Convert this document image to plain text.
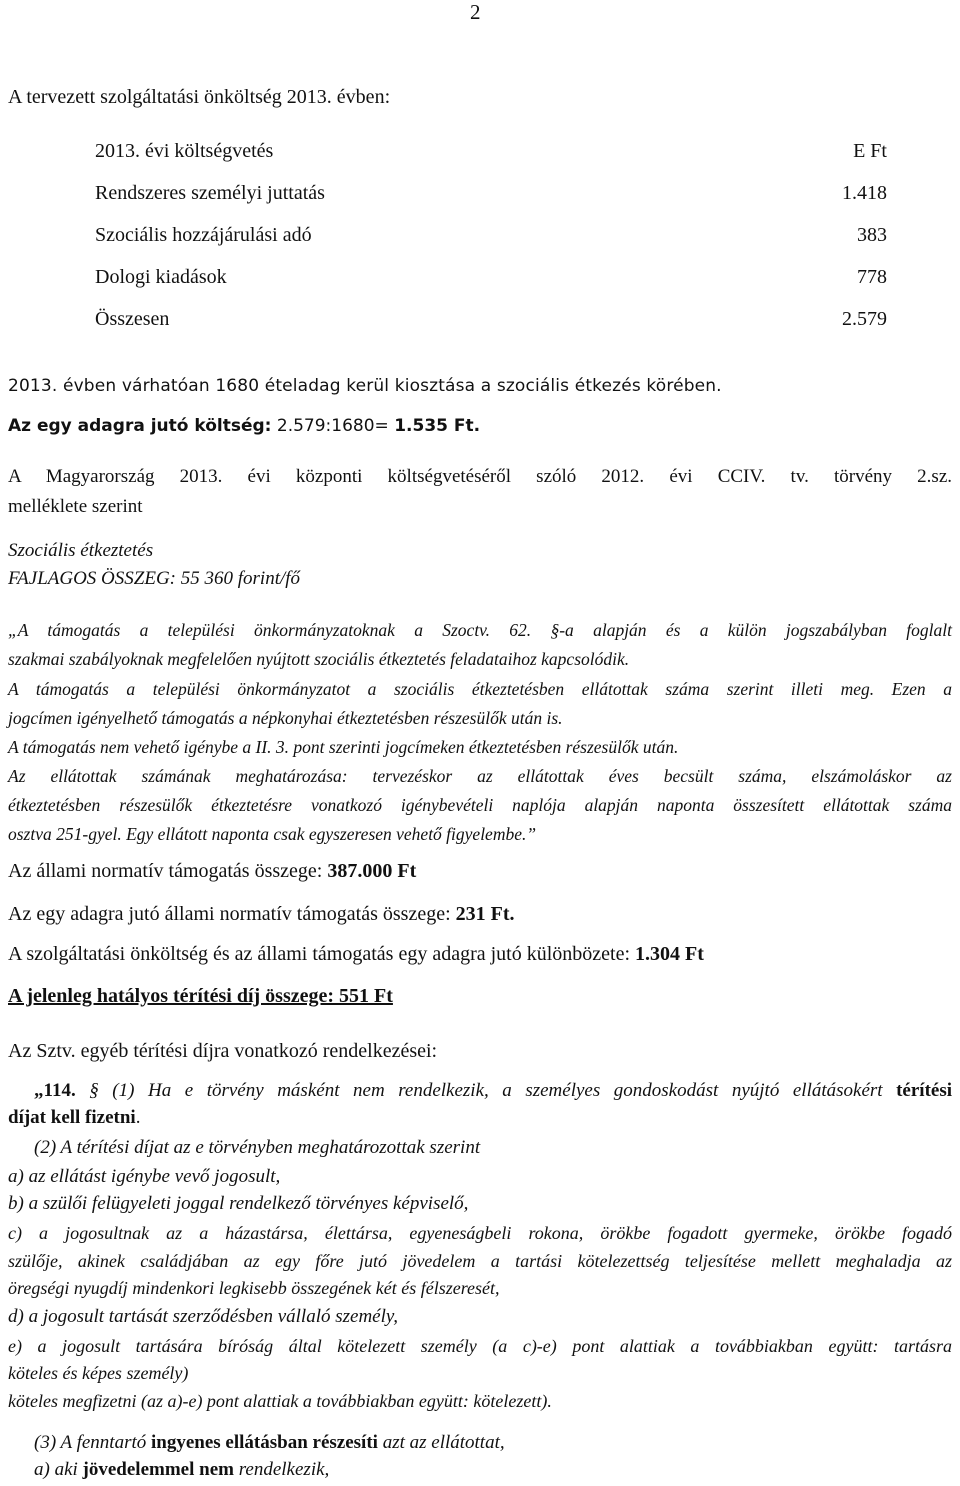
2
A tervezett szolgáltatási önköltség 2013. évben:
2013. évi költségvetés	E Ft
Rendszeres személyi juttatás	1.418
Szociális hozzájárulási adó	383
Dologi kiadások	778
Összesen	2.579
2013. évben várhatóan 1680 ételadag kerül kiosztása a szociális étkezés körében.
Az egy adagra jutó költség: 2.579:1680= 1.535 Ft.
A Magyarország 2013. évi központi költségvetéséről szóló 2012. évi CCIV. tv. törvény 2.sz.
melléklete szerint
Szociális étkeztetés
FAJLAGOS ÖSSZEG: 55 360 forint/fő
„A támogatás a települési önkormányzatoknak a Szoctv. 62. §-a alapján és a külön jogszabályban foglalt
szakmai szabályoknak megfelelően nyújtott szociális étkeztetés feladataihoz kapcsolódik.
A támogatás a települési önkormányzatot a szociális étkeztetésben ellátottak száma szerint illeti meg. Ezen a
jogcímen igényelhető támogatás a népkonyhai étkeztetésben részesülők után is.
A támogatás nem vehető igénybe a II. 3. pont szerinti jogcímeken étkeztetésben részesülők után.
Az ellátottak számának meghatározása: tervezéskor az ellátottak éves becsült száma, elszámoláskor az
étkeztetésben részesülők étkeztetésre vonatkozó igénybevételi naplója alapján naponta összesített ellátottak száma
osztva 251-gyel. Egy ellátott naponta csak egyszeresen vehető figyelembe.”
Az állami normatív támogatás összege: 387.000 Ft
Az egy adagra jutó állami normatív támogatás összege: 231 Ft.
A szolgáltatási önköltség és az állami támogatás egy adagra jutó különbözete: 1.304 Ft
A jelenleg hatályos térítési díj összege: 551 Ft
Az Sztv. egyéb térítési díjra vonatkozó rendelkezései:
„114. § (1) Ha e törvény másként nem rendelkezik, a személyes gondoskodást nyújtó ellátásokért térítési
díjat kell fizetni.
(2) A térítési díjat az e törvényben meghatározottak szerint
a) az ellátást igénybe vevő jogosult,
b) a szülői felügyeleti joggal rendelkező törvényes képviselő,
c) a jogosultnak az a házastársa, élettársa, egyeneságbeli rokona, örökbe fogadott gyermeke, örökbe fogadó
szülője, akinek családjában az egy főre jutó jövedelem a tartási kötelezettség teljesítése mellett meghaladja az
öregségi nyugdíj mindenkori legkisebb összegének két és félszeresét,
d) a jogosult tartását szerződésben vállaló személy,
e) a jogosult tartására bíróság által kötelezett személy (a c)-e) pont alattiak a továbbiakban együtt: tartásra
köteles és képes személy)
köteles megfizetni (az a)-e) pont alattiak a továbbiakban együtt: kötelezett).
(3) A fenntartó ingyenes ellátásban részesíti azt az ellátottat,
a) aki jövedelemmel nem rendelkezik,
